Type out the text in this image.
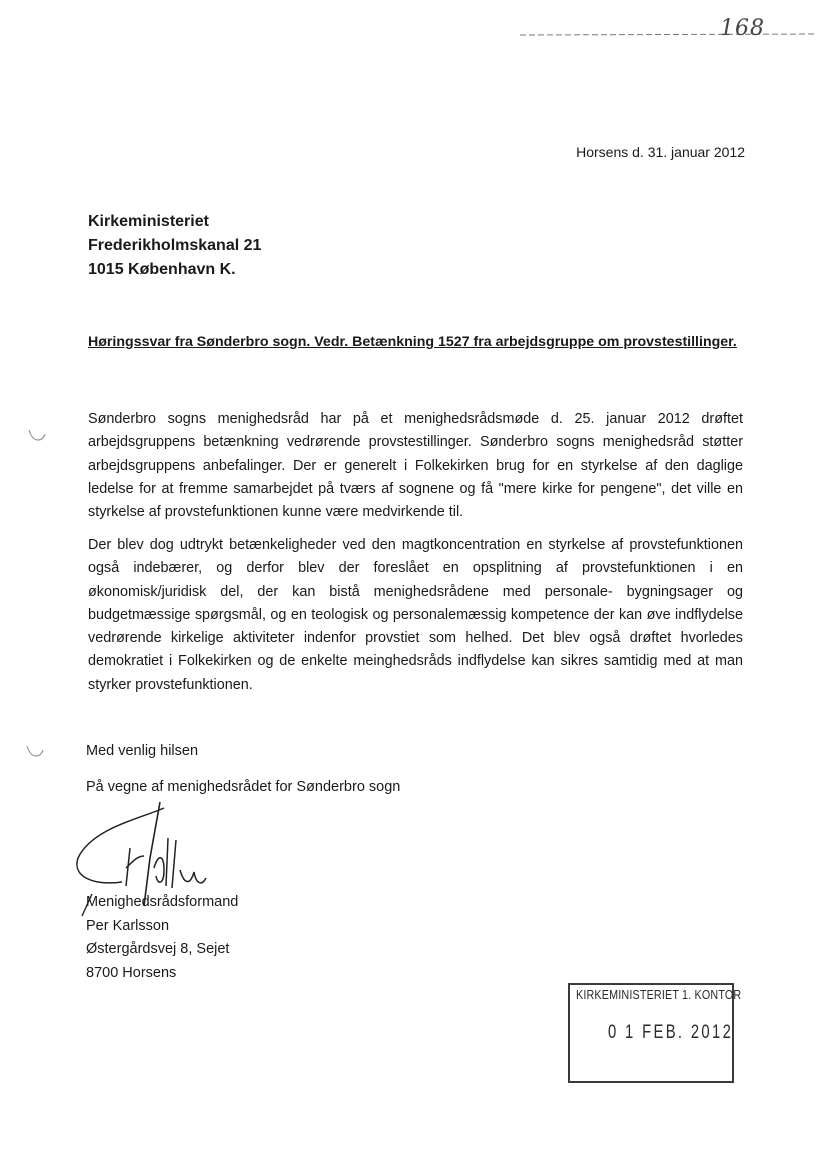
168
Horsens d. 31. januar 2012
Kirkeministeriet
Frederikholmskanal 21
1015 København K.
Høringssvar fra Sønderbro sogn. Vedr. Betænkning 1527 fra arbejdsgruppe om provstestillinger.
Sønderbro sogns menighedsråd har på et menighedsrådsmøde d. 25. januar 2012 drøftet arbejdsgruppens betænkning vedrørende provstestillinger. Sønderbro sogns menighedsråd støtter arbejdsgruppens anbefalinger. Der er generelt i Folkekirken brug for en styrkelse af den daglige ledelse for at fremme samarbejdet på tværs af sognene og få "mere kirke for pengene", det ville en styrkelse af provstefunktionen kunne være medvirkende til.
Der blev dog udtrykt betænkeligheder ved den magtkoncentration en styrkelse af provstefunktionen også indebærer, og derfor blev der foreslået en opsplitning af provstefunktionen i en økonomisk/juridisk del, der kan bistå menighedsrådene med personale- bygningsager og budgetmæssige spørgsmål, og en teologisk og personalemæssig kompetence der kan øve indflydelse vedrørende kirkelige aktiviteter indenfor provstiet som helhed. Det blev også drøftet hvorledes demokratiet i Folkekirken og de enkelte meinghedsråds indflydelse kan sikres samtidig med at man styrker provstefunktionen.
Med venlig hilsen
På vegne af menighedsrådet for Sønderbro sogn
Menighedsrådsformand
Per Karlsson
Østergårdsvej 8, Sejet
8700 Horsens
KIRKEMINISTERIET 1. KONTOR
0 1 FEB. 2012
